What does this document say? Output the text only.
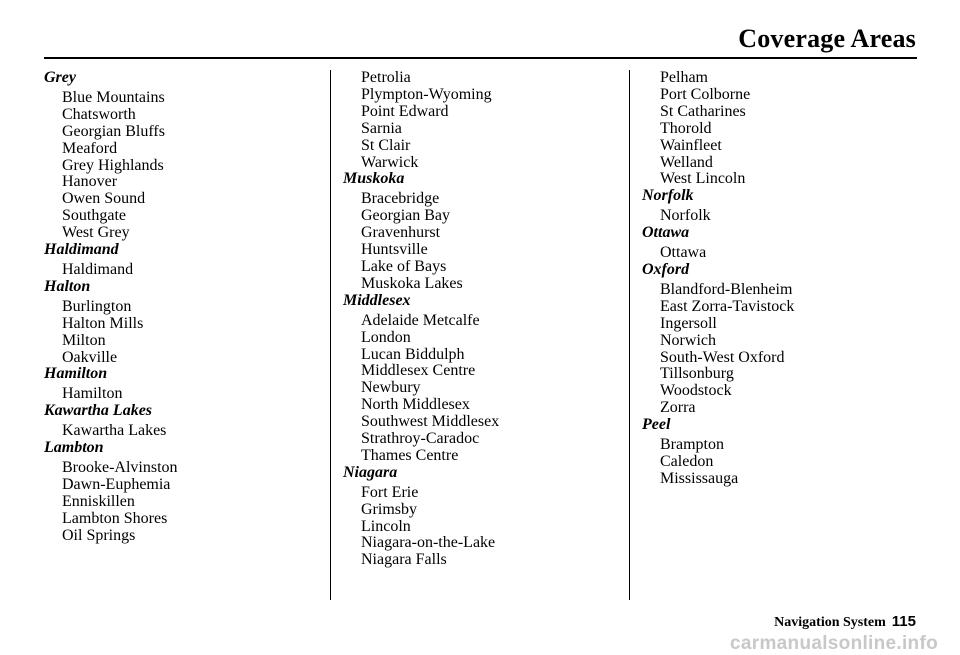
Coverage Areas
Grey
Blue Mountains
Chatsworth
Georgian Bluffs
Meaford
Grey Highlands
Hanover
Owen Sound
Southgate
West Grey
Haldimand
Haldimand
Halton
Burlington
Halton Mills
Milton
Oakville
Hamilton
Hamilton
Kawartha Lakes
Kawartha Lakes
Lambton
Brooke-Alvinston
Dawn-Euphemia
Enniskillen
Lambton Shores
Oil Springs
Petrolia
Plympton-Wyoming
Point Edward
Sarnia
St Clair
Warwick
Muskoka
Bracebridge
Georgian Bay
Gravenhurst
Huntsville
Lake of Bays
Muskoka Lakes
Middlesex
Adelaide Metcalfe
London
Lucan Biddulph
Middlesex Centre
Newbury
North Middlesex
Southwest Middlesex
Strathroy-Caradoc
Thames Centre
Niagara
Fort Erie
Grimsby
Lincoln
Niagara-on-the-Lake
Niagara Falls
Pelham
Port Colborne
St Catharines
Thorold
Wainfleet
Welland
West Lincoln
Norfolk
Norfolk
Ottawa
Ottawa
Oxford
Blandford-Blenheim
East Zorra-Tavistock
Ingersoll
Norwich
South-West Oxford
Tillsonburg
Woodstock
Zorra
Peel
Brampton
Caledon
Mississauga
Navigation System 115
carmanualsonline.info
